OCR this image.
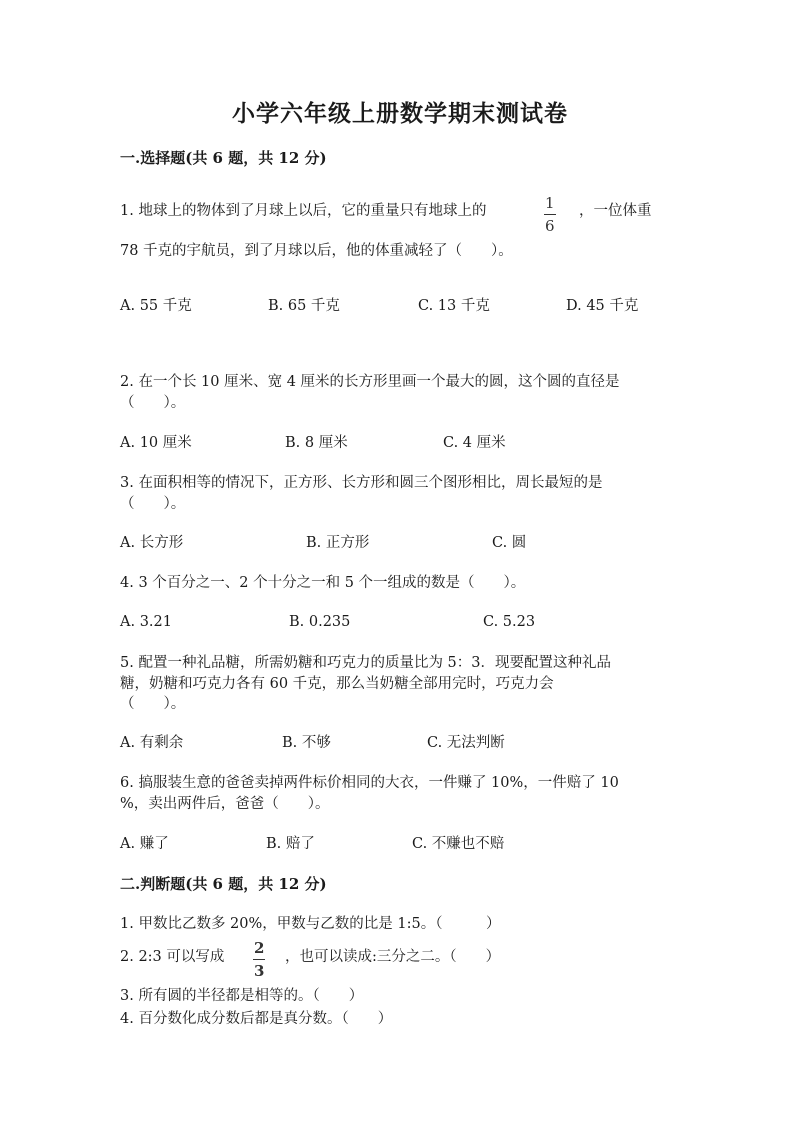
小学六年级上册数学期末测试卷
一.选择题(共 6 题，共 12 分)
1. 地球上的物体到了月球上以后，它的重量只有地球上的	1
6
，一位体重
78 千克的宇航员，到了月球以后，他的体重减轻了（　　）。
A. 55 千克	B. 65 千克	C. 13 千克	D. 45 千克
2. 在一个长 10 厘米、宽 4 厘米的长方形里画一个最大的圆，这个圆的直径是
（　　）。
A. 10 厘米	B. 8 厘米	C. 4 厘米
3. 在面积相等的情况下，正方形、长方形和圆三个图形相比，周长最短的是
（　　）。
A. 长方形	B. 正方形	C. 圆
4. 3 个百分之一、2 个十分之一和 5 个一组成的数是（　　）。
A. 3.21	B. 0.235	C. 5.23
5. 配置一种礼品糖，所需奶糖和巧克力的质量比为 5：3．现要配置这种礼品
糖，奶糖和巧克力各有 60 千克，那么当奶糖全部用完时，巧克力会
（　　）。
A. 有剩余	B. 不够	C. 无法判断
6. 搞服装生意的爸爸卖掉两件标价相同的大衣，一件赚了 10%，一件赔了 10
%，卖出两件后，爸爸（　　）。
A. 赚了	B. 赔了	C. 不赚也不赔
二.判断题(共 6 题，共 12 分)
1. 甲数比乙数多 20%，甲数与乙数的比是 1:5。（　　　）
2. 2:3 可以写成 2
3
，也可以读成:三分之二。（　　）
3. 所有圆的半径都是相等的。（　　）
4. 百分数化成分数后都是真分数。（　　）
